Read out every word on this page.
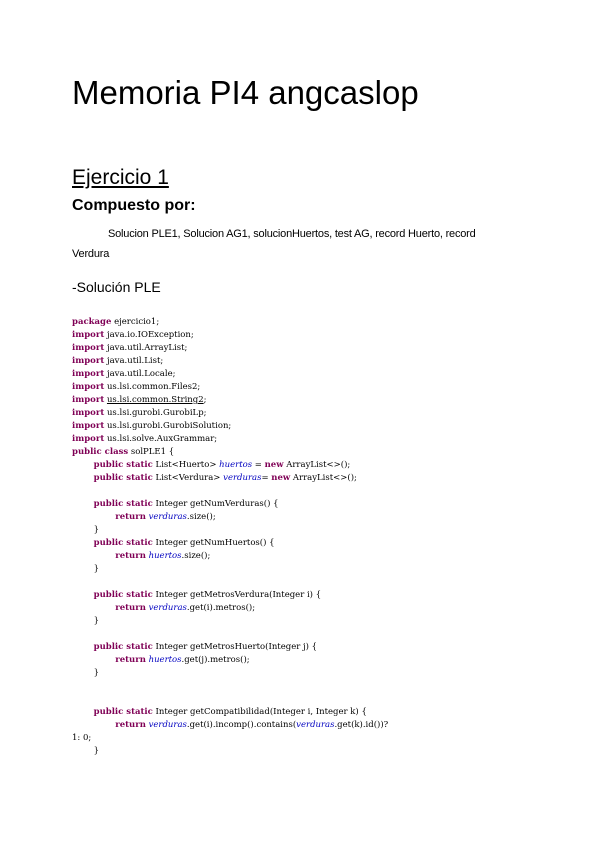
Memoria PI4 angcaslop
Ejercicio 1
Compuesto por:

Solucion PLE1, Solucion AG1, solucionHuertos, test AG, record Huerto, record Verdura

-Solución PLE

package ejercicio1;
import java.io.IOException;
import java.util.ArrayList;
import java.util.List;
import java.util.Locale;
import us.lsi.common.Files2;
import us.lsi.common.String2;
import us.lsi.gurobi.GurobiLp;
import us.lsi.gurobi.GurobiSolution;
import us.lsi.solve.AuxGrammar;
public class solPLE1 {
public static List<Huerto> huertos = new ArrayList<>();
public static List<Verdura> verduras= new ArrayList<>();
public static Integer getNumVerduras() {
return verduras.size();
}
public static Integer getNumHuertos() {
return huertos.size();
}
public static Integer getMetrosVerdura(Integer i) {
return verduras.get(i).metros();
}
public static Integer getMetrosHuerto(Integer j) {
return huertos.get(j).metros();
}
public static Integer getCompatibilidad(Integer i, Integer k) {
return verduras.get(i).incomp().contains(verduras.get(k).id())?
1: 0;
}
